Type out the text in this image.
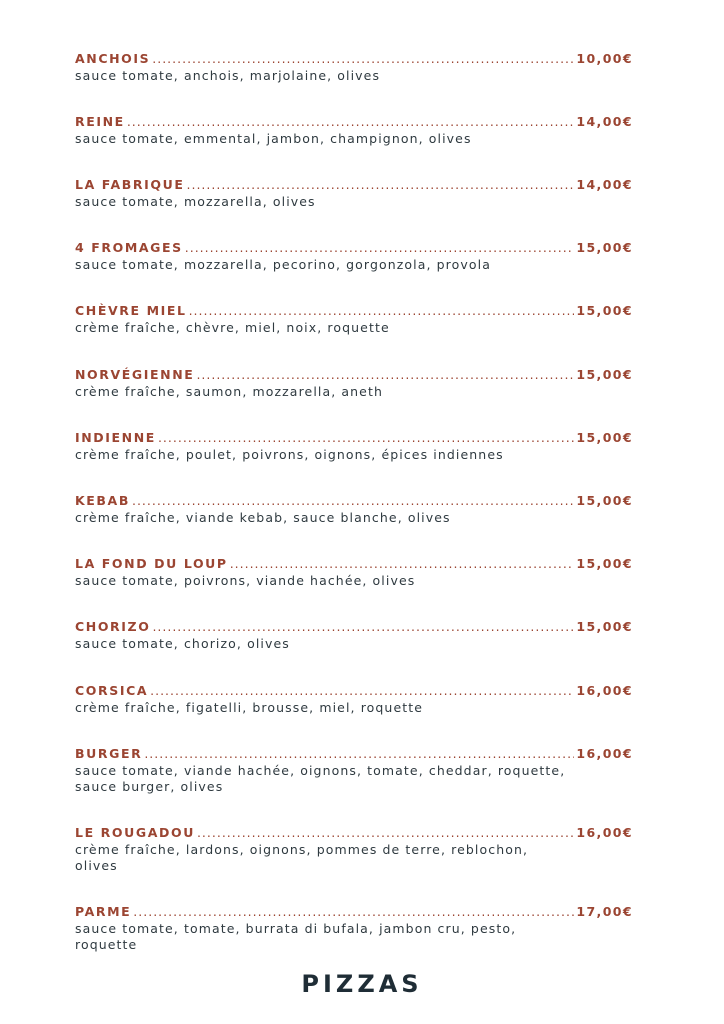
ANCHOIS .....	10,00€
sauce tomate, anchois, marjolaine, olives
REINE .....	14,00€
sauce tomate, emmental, jambon, champignon, olives
LA FABRIQUE .....	14,00€
sauce tomate, mozzarella, olives
4 FROMAGES .....	15,00€
sauce tomate, mozzarella, pecorino, gorgonzola, provola
CHÈVRE MIEL .....	15,00€
crème fraîche, chèvre, miel, noix, roquette
NORVÉGIENNE .....	15,00€
crème fraîche, saumon, mozzarella, aneth
INDIENNE .....	15,00€
crème fraîche, poulet, poivrons, oignons, épices indiennes
KEBAB .....	15,00€
crème fraîche, viande kebab, sauce blanche, olives
LA FOND DU LOUP .....	15,00€
sauce tomate, poivrons, viande hachée, olives
CHORIZO .....	15,00€
sauce tomate, chorizo, olives
CORSICA .....	16,00€
crème fraîche, figatelli, brousse, miel, roquette
BURGER .....	16,00€
sauce tomate, viande hachée, oignons, tomate, cheddar, roquette, sauce burger, olives
LE ROUGADOU .....	16,00€
crème fraîche, lardons, oignons, pommes de terre, reblochon, olives
PARME .....	17,00€
sauce tomate, tomate, burrata di bufala, jambon cru, pesto, roquette
PIZZAS
